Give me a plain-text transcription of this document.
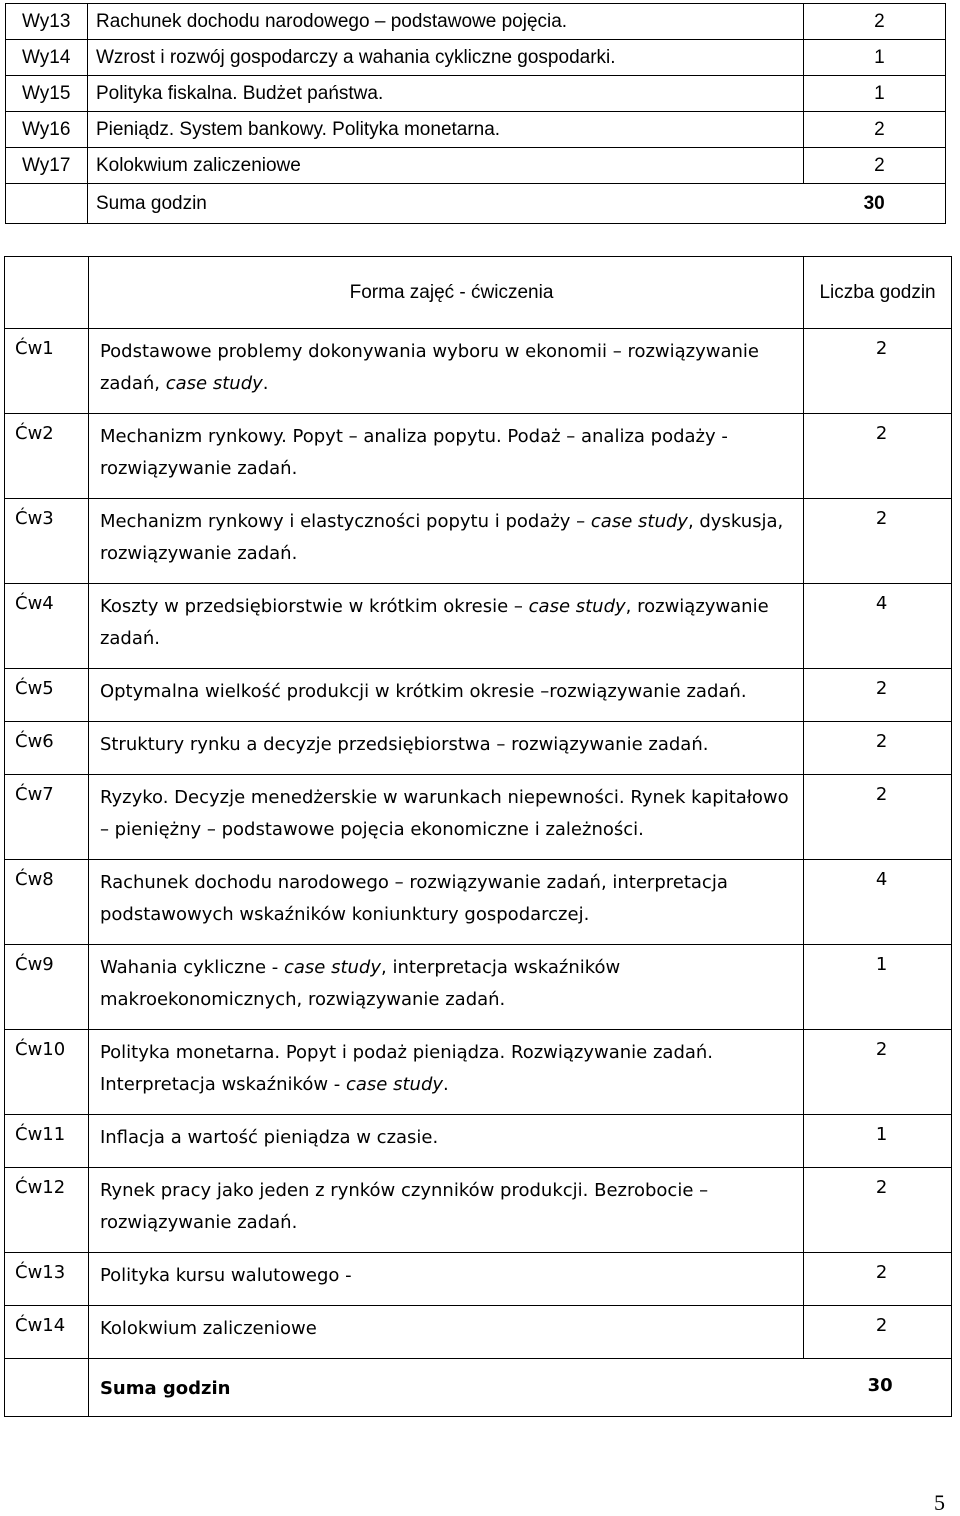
Wy13	Rachunek dochodu narodowego – podstawowe pojęcia.	2
Wy14	Wzrost i rozwój gospodarczy a wahania cykliczne gospodarki.	1
Wy15	Polityka fiskalna. Budżet państwa.	1
Wy16	Pieniądz. System bankowy. Polityka monetarna.	2
Wy17	Kolokwium zaliczeniowe	2
	Suma godzin	30
	Forma zajęć - ćwiczenia	Liczba godzin
Ćw1	Podstawowe problemy dokonywania wyboru w ekonomii – rozwiązywanie zadań, case study.	2
Ćw2	Mechanizm rynkowy. Popyt – analiza popytu. Podaż – analiza podaży - rozwiązywanie zadań.	2
Ćw3	Mechanizm rynkowy i elastyczności popytu i podaży – case study, dyskusja, rozwiązywanie zadań.	2
Ćw4	Koszty w przedsiębiorstwie w krótkim okresie – case study, rozwiązywanie zadań.	4
Ćw5	Optymalna wielkość produkcji w krótkim okresie –rozwiązywanie zadań.	2
Ćw6	Struktury rynku a decyzje przedsiębiorstwa – rozwiązywanie zadań.	2
Ćw7	Ryzyko. Decyzje menedżerskie w warunkach niepewności. Rynek kapitałowo – pieniężny – podstawowe pojęcia ekonomiczne i zależności.	2
Ćw8	Rachunek dochodu narodowego – rozwiązywanie zadań, interpretacja podstawowych wskaźników koniunktury gospodarczej.	4
Ćw9	Wahania cykliczne - case study, interpretacja wskaźników makroekonomicznych, rozwiązywanie zadań.	1
Ćw10	Polityka monetarna. Popyt i podaż pieniądza. Rozwiązywanie zadań. Interpretacja wskaźników - case study.	2
Ćw11	Inflacja a wartość pieniądza w czasie.	1
Ćw12	Rynek pracy jako jeden z rynków czynników produkcji. Bezrobocie – rozwiązywanie zadań.	2
Ćw13	Polityka kursu walutowego -	2
Ćw14	Kolokwium zaliczeniowe	2
	Suma godzin	30
5
